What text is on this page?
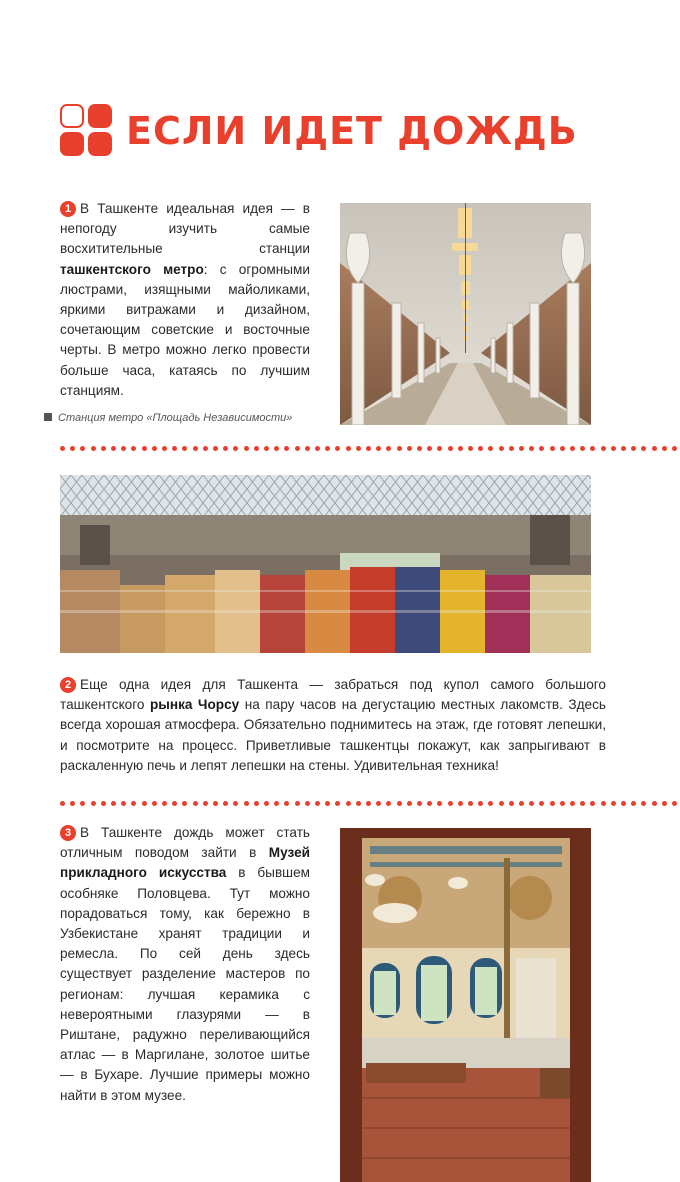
ЕСЛИ ИДЕТ ДОЖДЬ

1 В Ташкенте идеальная идея — в непогоду изучить самые восхитительные станции ташкентского метро: с огромными люстрами, изящными майоликами, яркими витражами и дизайном, сочетающим советские и восточные черты. В метро можно легко провести больше часа, катаясь по лучшим станциям.

Станция метро «Площадь Независимости»

2 Еще одна идея для Ташкента — забраться под купол самого большого ташкентского рынка Чорсу на пару часов на дегустацию местных лакомств. Здесь всегда хорошая атмосфера. Обязательно поднимитесь на этаж, где готовят лепешки, и посмотрите на процесс. Приветливые ташкентцы покажут, как запрыгивают в раскаленную печь и лепят лепешки на стены. Удивительная техника!

3 В Ташкенте дождь может стать отличным поводом зайти в Музей прикладного искусства в бывшем особняке Половцева. Тут можно порадоваться тому, как бережно в Узбекистане хранят традиции и ремесла. По сей день здесь существует разделение мастеров по регионам: лучшая керамика с невероятными глазурями — в Риштане, радужно переливающийся атлас — в Маргилане, золотое шитье — в Бухаре. Лучшие примеры можно найти в этом музее.
